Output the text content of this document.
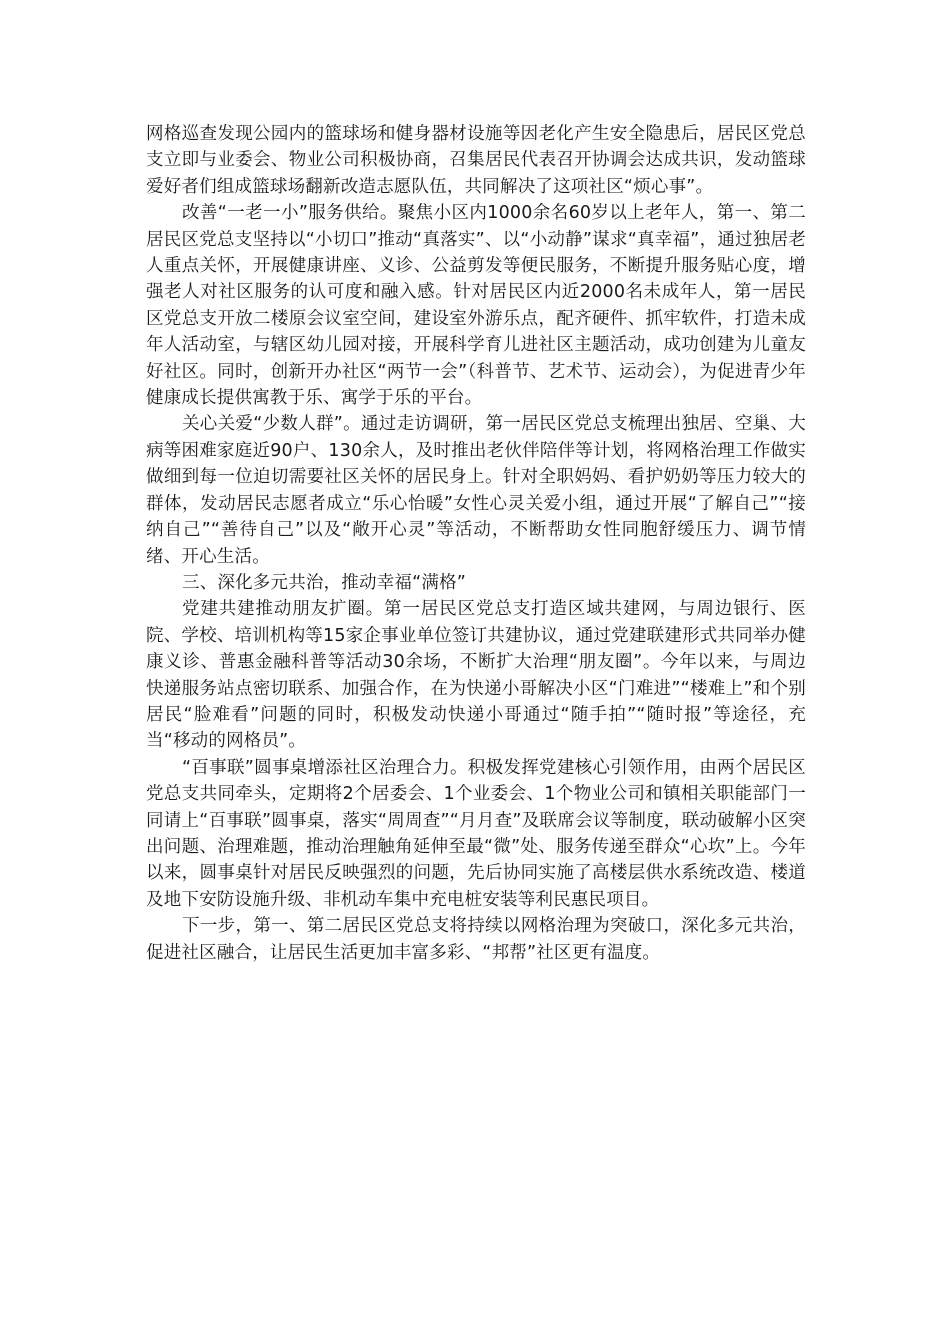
网格巡查发现公园内的篮球场和健身器材设施等因老化产生安全隐患后，居民区党总支立即与业委会、物业公司积极协商，召集居民代表召开协调会达成共识，发动篮球爱好者们组成篮球场翻新改造志愿队伍，共同解决了这项社区“烦心事”。

改善“一老一小”服务供给。聚焦小区内1000余名60岁以上老年人，第一、第二居民区党总支坚持以“小切口”推动“真落实”、以“小动静”谋求“真幸福”，通过独居老人重点关怀，开展健康讲座、义诊、公益剪发等便民服务，不断提升服务贴心度，增强老人对社区服务的认可度和融入感。针对居民区内近2000名未成年人，第一居民区党总支开放二楼原会议室空间，建设室外游乐点，配齐硬件、抓牢软件，打造未成年人活动室，与辖区幼儿园对接，开展科学育儿进社区主题活动，成功创建为儿童友好社区。同时，创新开办社区“两节一会”（科普节、艺术节、运动会），为促进青少年健康成长提供寓教于乐、寓学于乐的平台。

关心关爱“少数人群”。通过走访调研，第一居民区党总支梳理出独居、空巢、大病等困难家庭近90户、130余人，及时推出老伙伴陪伴等计划，将网格治理工作做实做细到每一位迫切需要社区关怀的居民身上。针对全职妈妈、看护奶奶等压力较大的群体，发动居民志愿者成立“乐心怡暖”女性心灵关爱小组，通过开展“了解自己”“接纳自己”“善待自己”以及“敞开心灵”等活动，不断帮助女性同胞舒缓压力、调节情绪、开心生活。

三、深化多元共治，推动幸福“满格”

党建共建推动朋友扩圈。第一居民区党总支打造区域共建网，与周边银行、医院、学校、培训机构等15家企事业单位签订共建协议，通过党建联建形式共同举办健康义诊、普惠金融科普等活动30余场，不断扩大治理“朋友圈”。今年以来，与周边快递服务站点密切联系、加强合作，在为快递小哥解决小区“门难进”“楼难上”和个别居民“脸难看”问题的同时，积极发动快递小哥通过“随手拍”“随时报”等途径，充当“移动的网格员”。

“百事联”圆事桌增添社区治理合力。积极发挥党建核心引领作用，由两个居民区党总支共同牵头，定期将2个居委会、1个业委会、1个物业公司和镇相关职能部门一同请上“百事联”圆事桌，落实“周周查”“月月查”及联席会议等制度，联动破解小区突出问题、治理难题，推动治理触角延伸至最“微”处、服务传递至群众“心坎”上。今年以来，圆事桌针对居民反映强烈的问题，先后协同实施了高楼层供水系统改造、楼道及地下安防设施升级、非机动车集中充电桩安装等利民惠民项目。

下一步，第一、第二居民区党总支将持续以网格治理为突破口，深化多元共治，促进社区融合，让居民生活更加丰富多彩、“邦帮”社区更有温度。
